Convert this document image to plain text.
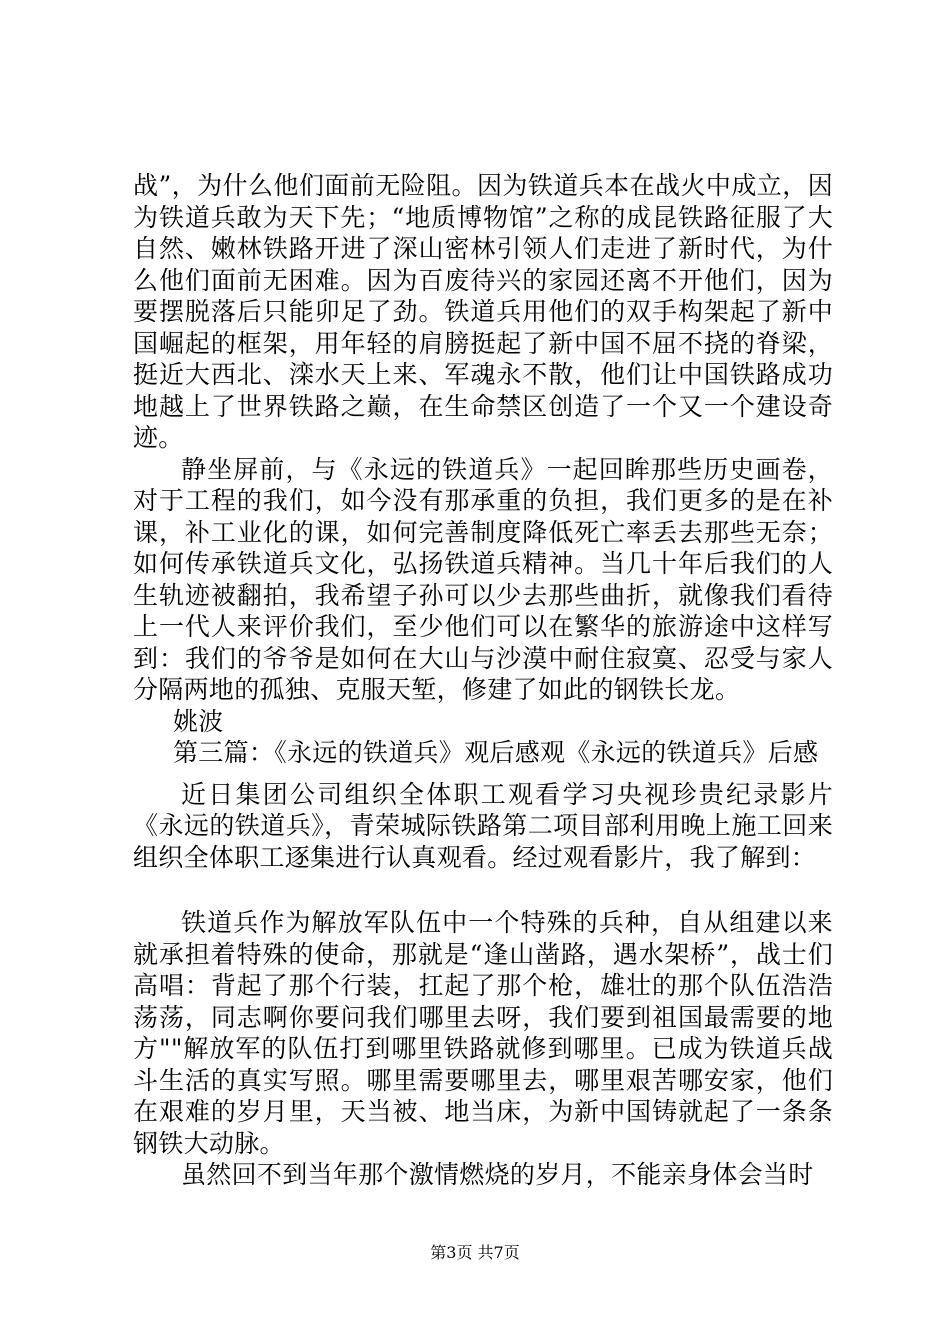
战”，为什么他们面前无险阻。因为铁道兵本在战火中成立，因为铁道兵敢为天下先；“地质博物馆”之称的成昆铁路征服了大自然、嫩林铁路开进了深山密林引领人们走进了新时代，为什么他们面前无困难。因为百废待兴的家园还离不开他们，因为要摆脱落后只能卯足了劲。铁道兵用他们的双手构架起了新中国崛起的框架，用年轻的肩膀挺起了新中国不屈不挠的脊梁，挺近大西北、滦水天上来、军魂永不散，他们让中国铁路成功地越上了世界铁路之巅，在生命禁区创造了一个又一个建设奇迹。

静坐屏前，与《永远的铁道兵》一起回眸那些历史画卷，对于工程的我们，如今没有那承重的负担，我们更多的是在补课，补工业化的课，如何完善制度降低死亡率丢去那些无奈；如何传承铁道兵文化，弘扬铁道兵精神。当几十年后我们的人生轨迹被翻拍，我希望子孙可以少去那些曲折，就像我们看待上一代人来评价我们，至少他们可以在繁华的旅游途中这样写到：我们的爷爷是如何在大山与沙漠中耐住寂寞、忍受与家人分隔两地的孤独、克服天堑，修建了如此的钢铁长龙。

姚波

第三篇：《永远的铁道兵》观后感观《永远的铁道兵》后感

近日集团公司组织全体职工观看学习央视珍贵纪录影片《永远的铁道兵》，青荣城际铁路第二项目部利用晚上施工回来组织全体职工逐集进行认真观看。经过观看影片，我了解到：

铁道兵作为解放军队伍中一个特殊的兵种，自从组建以来就承担着特殊的使命，那就是“逢山凿路，遇水架桥”，战士们高唱：背起了那个行装，扛起了那个枪，雄壮的那个队伍浩浩荡荡，同志啊你要问我们哪里去呀，我们要到祖国最需要的地方""解放军的队伍打到哪里铁路就修到哪里。已成为铁道兵战斗生活的真实写照。哪里需要哪里去，哪里艰苦哪安家，他们在艰难的岁月里，天当被、地当床，为新中国铸就起了一条条钢铁大动脉。

虽然回不到当年那个激情燃烧的岁月，不能亲身体会当时

第3页 共7页
